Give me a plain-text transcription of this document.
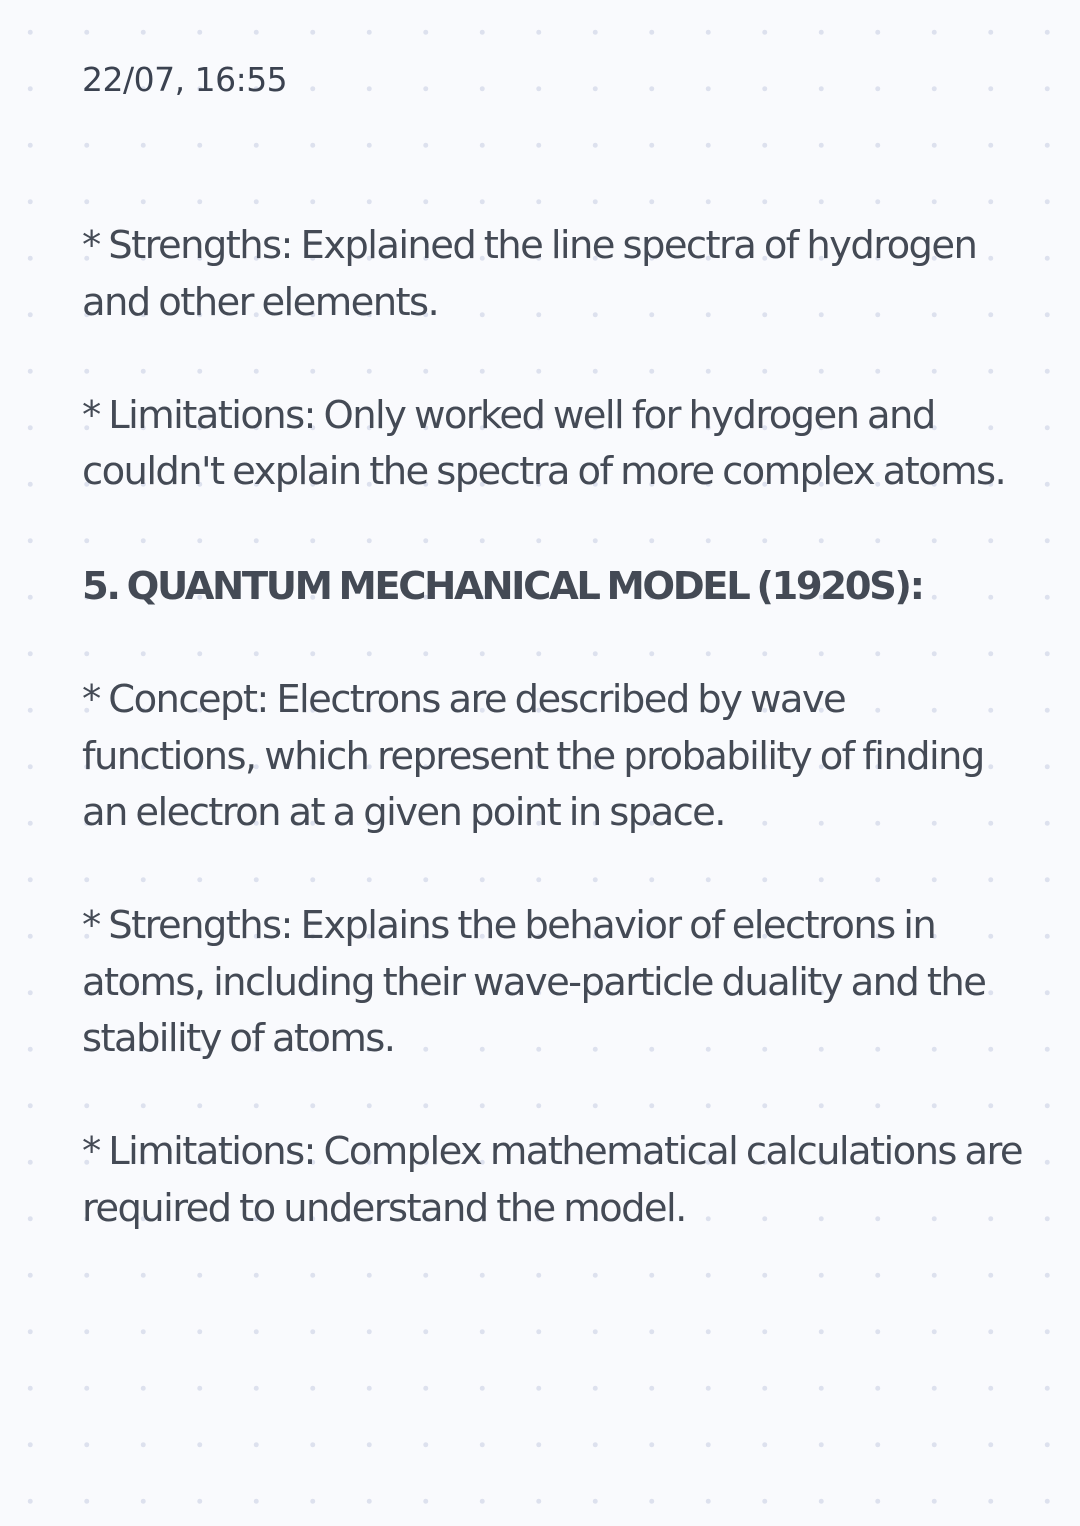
22/07, 16:55

* Strengths: Explained the line spectra of hydrogen and other elements.

* Limitations: Only worked well for hydrogen and couldn't explain the spectra of more complex atoms.

5. QUANTUM MECHANICAL MODEL (1920S):

* Concept: Electrons are described by wave functions, which represent the probability of finding an electron at a given point in space.

* Strengths: Explains the behavior of electrons in atoms, including their wave-particle duality and the stability of atoms.

* Limitations: Complex mathematical calculations are required to understand the model.
